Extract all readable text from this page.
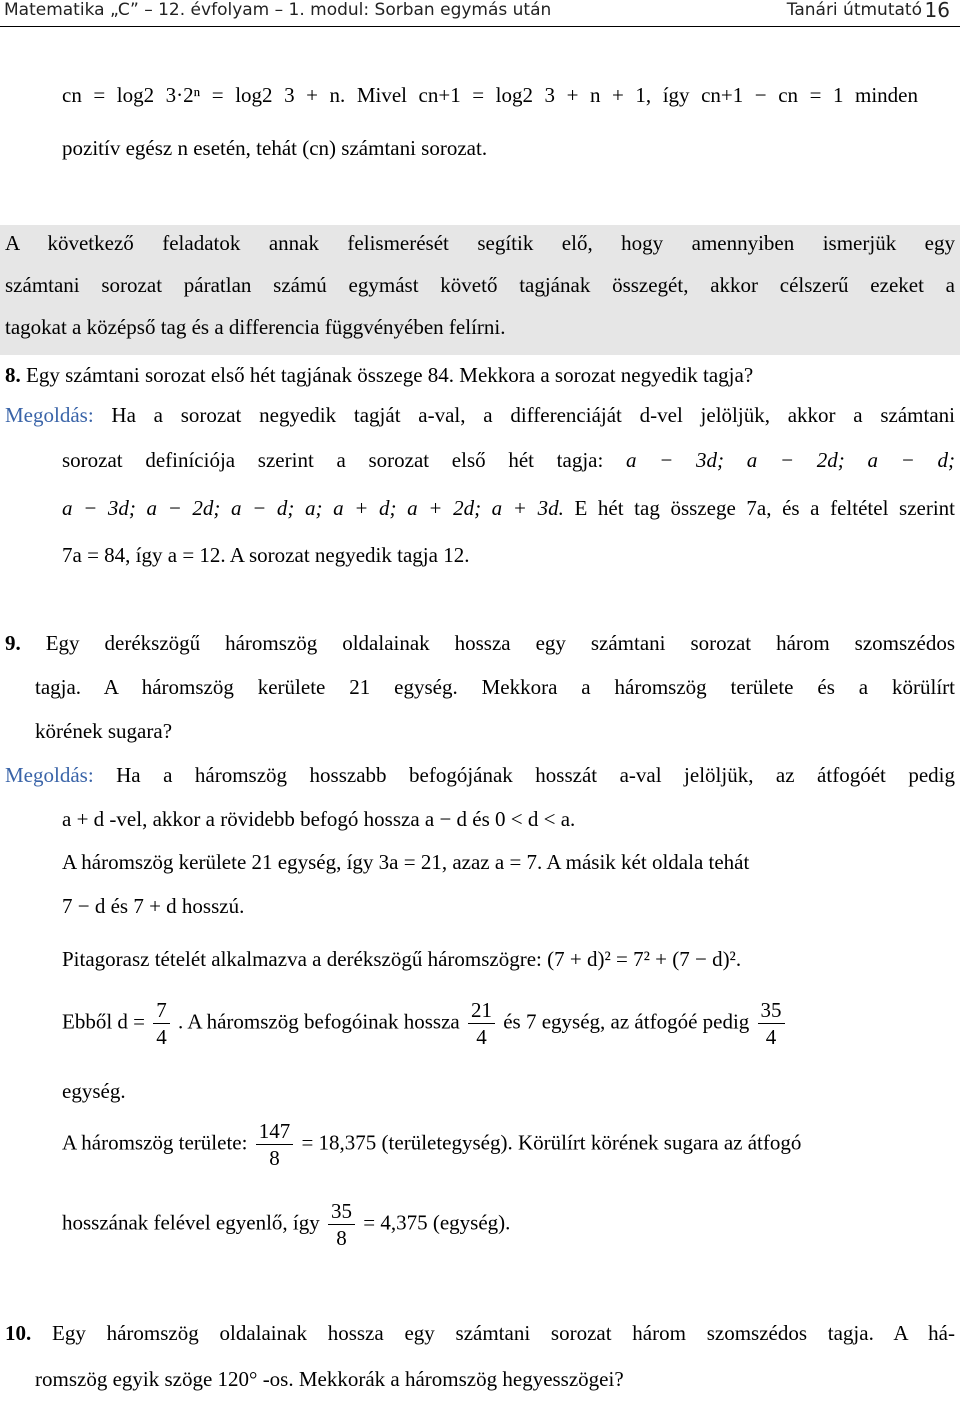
Matematika „C” – 12. évfolyam – 1. modul: Sorban egymás után	Tanári útmutató 16
cn = log2 3·2ⁿ = log2 3 + n. Mivel cn+1 = log2 3 + n + 1, így cn+1 − cn = 1 minden
pozitív egész n esetén, tehát (cn) számtani sorozat.
A következő feladatok annak felismerését segítik elő, hogy amennyiben ismerjük egy
számtani sorozat páratlan számú egymást követő tagjának összegét, akkor célszerű ezeket a
tagokat a középső tag és a differencia függvényében felírni.
8. Egy számtani sorozat első hét tagjának összege 84. Mekkora a sorozat negyedik tagja?
Megoldás: Ha a sorozat negyedik tagját a-val, a differenciáját d-vel jelöljük, akkor a számtani
sorozat definíciója szerint a sorozat első hét tagja: a − 3d; a − 2d; a − d;
a − 3d; a − 2d; a − d; a; a + d; a + 2d; a + 3d. E hét tag összege 7a, és a feltétel szerint
7a = 84, így a = 12. A sorozat negyedik tagja 12.
9. Egy derékszögű háromszög oldalainak hossza egy számtani sorozat három szomszédos
tagja. A háromszög kerülete 21 egység. Mekkora a háromszög területe és a körülírt
körének sugara?
Megoldás: Ha a háromszög hosszabb befogójának hosszát a-val jelöljük, az átfogóét pedig
a + d -vel, akkor a rövidebb befogó hossza a − d és 0 < d < a.
A háromszög kerülete 21 egység, így 3a = 21, azaz a = 7. A másik két oldala tehát
7 − d és 7 + d hosszú.
Pitagorasz tételét alkalmazva a derékszögű háromszögre: (7 + d)² = 7² + (7 − d)².
Ebből $d = \frac{7}{4}$ . A háromszög befogóinak hossza $\frac{21}{4}$ és 7 egység, az átfogóé pedig $\frac{35}{4}$
egység.
A háromszög területe: $\frac{147}{8} = 18,375$ (területegység). Körülírt körének sugara az átfogó
hosszának felével egyenlő, így $\frac{35}{8} = 4,375$ (egység).
10. Egy háromszög oldalainak hossza egy számtani sorozat három szomszédos tagja. A há-
romszög egyik szöge 120° -os. Mekkorák a háromszög hegyesszögei?
